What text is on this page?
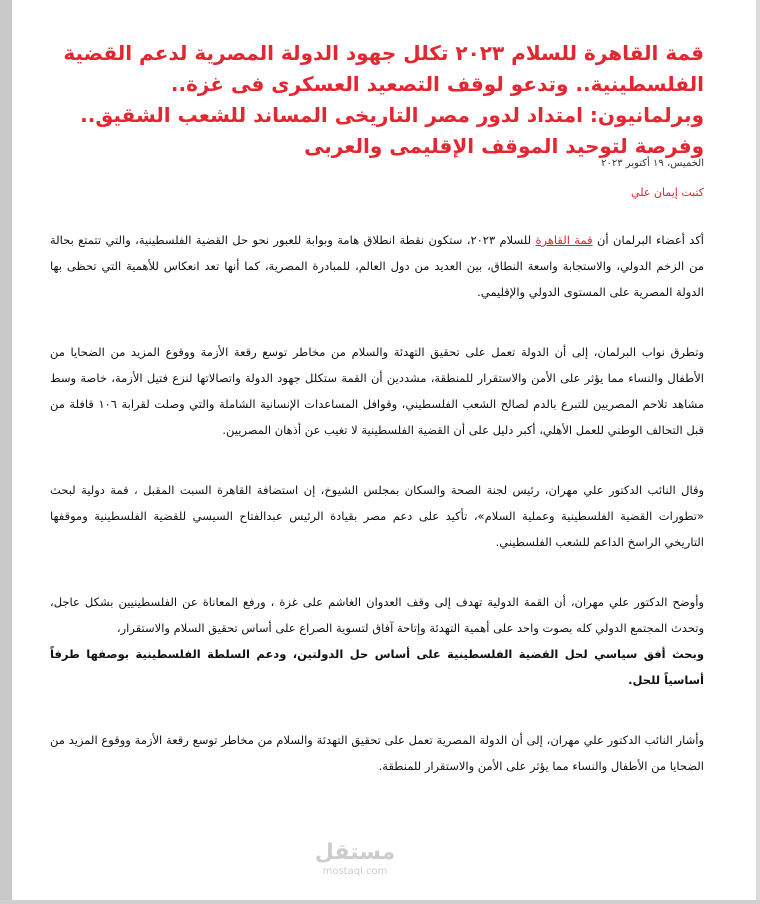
قمة القاهرة للسلام ٢٠٢٣ تكلل جهود الدولة المصرية لدعم القضية الفلسطينية.. وتدعو لوقف التصعيد العسكرى فى غزة.. وبرلمانيون: امتداد لدور مصر التاريخى المساند للشعب الشقيق.. وفرصة لتوحيد الموقف الإقليمى والعربى
الخميس، ١٩ أكتوبر ٢٠٢٣
كتبت إيمان علي

أكد أعضاء البرلمان أن قمة القاهرة للسلام ٢٠٢٣، ستكون نقطة انطلاق هامة وبوابة للعبور نحو حل القضية الفلسطينية، والتي تتمتع بحالة من الزخم الدولي، والاستجابة واسعة النطاق، بين العديد من دول العالم، للمبادرة المصرية، كما أنها تعد انعكاس للأهمية التي تحظى بها الدولة المصرية على المستوى الدولي والإقليمي.

وتطرق نواب البرلمان، إلى أن الدولة تعمل على تحقيق التهدئة والسلام من مخاطر توسع رقعة الأزمة ووقوع المزيد من الضحايا من الأطفال والنساء مما يؤثر على الأمن والاستقرار للمنطقة، مشددين أن القمة ستكلل جهود الدولة واتصالاتها لنزع فتيل الأزمة، خاصة وسط مشاهد تلاحم المصريين للتبرع بالدم لصالح الشعب الفلسطيني، وقوافل المساعدات الإنسانية الشاملة والتي وصلت لقرابة ١٠٦ قافلة من قبل التحالف الوطني للعمل الأهلي، أكبر دليل على أن القضية الفلسطينية لا تغيب عن أذهان المصريين.

وقال النائب الدكتور علي مهران، رئيس لجنة الصحة والسكان بمجلس الشيوخ، إن استضافة القاهرة السبت المقبل ، قمة دولية لبحث «تطورات القضية الفلسطينية وعملية السلام»، تأكيد على دعم مصر بقيادة الرئيس عبدالفتاح السيسي للقضية الفلسطينية وموقفها التاريخي الراسخ الداعم للشعب الفلسطيني.

وأوضح الدكتور علي مهران، أن القمة الدولية تهدف إلى وقف العدوان الغاشم على غزة ، ورفع المعاناة عن الفلسطينيين بشكل عاجل، وتحدث المجتمع الدولي كله بصوت واحد على أهمية التهدئة وإتاحة آفاق لتسوية الصراع على أساس تحقيق السلام والاستقرار،

وبحث أفق سياسي لحل القضية الفلسطينية على أساس حل الدولتين، ودعم السلطة الفلسطينية بوصفها طرفاً أساسياً للحل.

وأشار النائب الدكتور علي مهران، إلى أن الدولة المصرية تعمل على تحقيق التهدئة والسلام من مخاطر توسع رقعة الأزمة ووقوع المزيد من الضحايا من الأطفال والنساء مما يؤثر على الأمن والاستقرار للمنطقة.

مستقل
mostaql.com
